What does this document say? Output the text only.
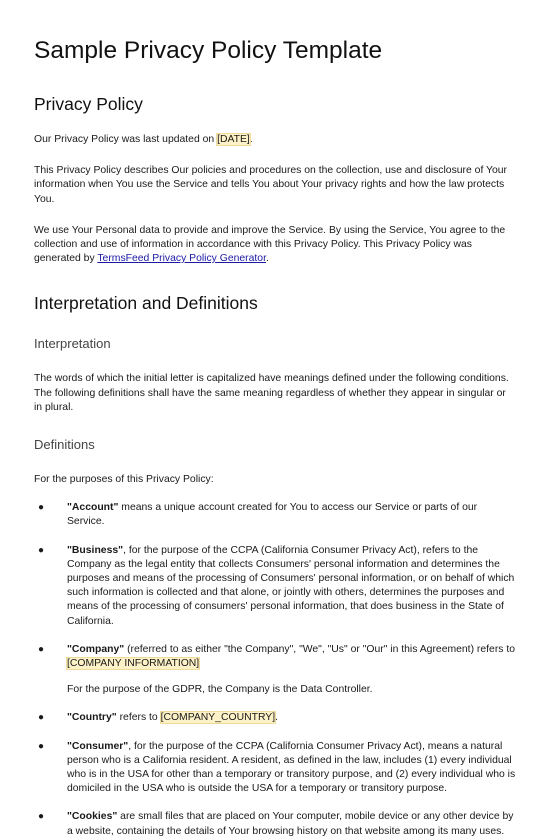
Sample Privacy Policy Template
Privacy Policy

Our Privacy Policy was last updated on [DATE].

This Privacy Policy describes Our policies and procedures on the collection, use and disclosure of Your information when You use the Service and tells You about Your privacy rights and how the law protects You.

We use Your Personal data to provide and improve the Service. By using the Service, You agree to the collection and use of information in accordance with this Privacy Policy. This Privacy Policy was generated by TermsFeed Privacy Policy Generator.

Interpretation and Definitions
Interpretation

The words of which the initial letter is capitalized have meanings defined under the following conditions. The following definitions shall have the same meaning regardless of whether they appear in singular or in plural.

Definitions

For the purposes of this Privacy Policy:

● "Account" means a unique account created for You to access our Service or parts of our Service.
● "Business", for the purpose of the CCPA (California Consumer Privacy Act), refers to the Company as the legal entity that collects Consumers' personal information and determines the purposes and means of the processing of Consumers' personal information, or on behalf of which such information is collected and that alone, or jointly with others, determines the purposes and means of the processing of consumers' personal information, that does business in the State of California.
● "Company" (referred to as either "the Company", "We", "Us" or "Our" in this Agreement) refers to [COMPANY INFORMATION]

For the purpose of the GDPR, the Company is the Data Controller.

● "Country" refers to [COMPANY_COUNTRY].
● "Consumer", for the purpose of the CCPA (California Consumer Privacy Act), means a natural person who is a California resident. A resident, as defined in the law, includes (1) every individual who is in the USA for other than a temporary or transitory purpose, and (2) every individual who is domiciled in the USA who is outside the USA for a temporary or transitory purpose.
● "Cookies" are small files that are placed on Your computer, mobile device or any other device by a website, containing the details of Your browsing history on that website among its many uses.
